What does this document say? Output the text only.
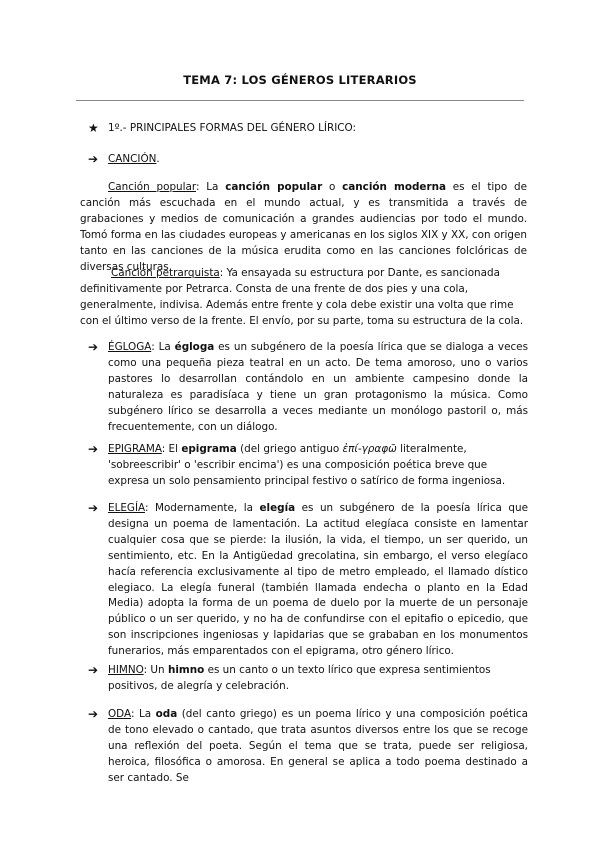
TEMA 7: LOS GÉNEROS LITERARIOS
★ 1º.- PRINCIPALES FORMAS DEL GÉNERO LÍRICO:
➔ CANCIÓN.
Canción popular: La canción popular o canción moderna es el tipo de canción más escuchada en el mundo actual, y es transmitida a través de grabaciones y medios de comunicación a grandes audiencias por todo el mundo. Tomó forma en las ciudades europeas y americanas en los siglos XIX y XX, con origen tanto en las canciones de la música erudita como en las canciones folclóricas de diversas culturas
Canción petrarquista: Ya ensayada su estructura por Dante, es sancionada definitivamente por Petrarca. Consta de una frente de dos pies y una cola, generalmente, indivisa. Además entre frente y cola debe existir una volta que rime con el último verso de la frente. El envío, por su parte, toma su estructura de la cola.
➔ ÉGLOGA: La égloga es un subgénero de la poesía lírica que se dialoga a veces como una pequeña pieza teatral en un acto. De tema amoroso, uno o varios pastores lo desarrollan contándolo en un ambiente campesino donde la naturaleza es paradisíaca y tiene un gran protagonismo la música. Como subgénero lírico se desarrolla a veces mediante un monólogo pastoril o, más frecuentemente, con un diálogo.
➔ EPIGRAMA: El epigrama (del griego antiguo ἐπί-γραφῶ literalmente, 'sobreescribir' o 'escribir encima') es una composición poética breve que expresa un solo pensamiento principal festivo o satírico de forma ingeniosa.
➔ ELEGÍA: Modernamente, la elegía es un subgénero de la poesía lírica que designa un poema de lamentación. La actitud elegíaca consiste en lamentar cualquier cosa que se pierde: la ilusión, la vida, el tiempo, un ser querido, un sentimiento, etc. En la Antigüedad grecolatina, sin embargo, el verso elegíaco hacía referencia exclusivamente al tipo de metro empleado, el llamado dístico elegiaco. La elegía funeral (también llamada endecha o planto en la Edad Media) adopta la forma de un poema de duelo por la muerte de un personaje público o un ser querido, y no ha de confundirse con el epitafio o epicedio, que son inscripciones ingeniosas y lapidarias que se grababan en los monumentos funerarios, más emparentados con el epigrama, otro género lírico.
➔ HIMNO: Un himno es un canto o un texto lírico que expresa sentimientos positivos, de alegría y celebración.
➔ ODA: La oda (del canto griego) es un poema lírico y una composición poética de tono elevado o cantado, que trata asuntos diversos entre los que se recoge una reflexión del poeta. Según el tema que se trata, puede ser religiosa, heroica, filosófica o amorosa. En general se aplica a todo poema destinado a ser cantado. Se
